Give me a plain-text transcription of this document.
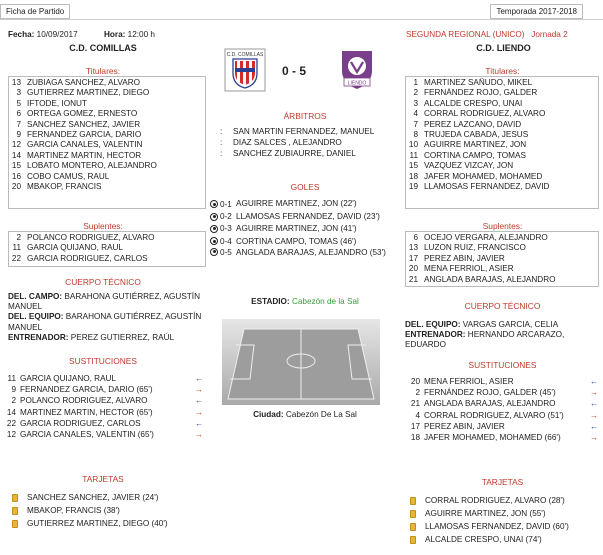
Ficha de Partido	Temporada 2017-2018
Fecha: 10/09/2017	Hora: 12:00 h	SEGUNDA REGIONAL (UNICO) Jornada 2
C.D. COMILLAS	C.D. LIENDO
C.D. COMILLAS
0 - 5
LIENDO
Titulares:
13 ZUBIAGA SANCHEZ, ALVARO
3 GUTIERREZ MARTINEZ, DIEGO
5 IFTODE, IONUT
6 ORTEGA GOMEZ, ERNESTO
7 SANCHEZ SANCHEZ, JAVIER
9 FERNANDEZ GARCIA, DARIO
12 GARCIA CANALES, VALENTIN
14 MARTINEZ MARTIN, HECTOR
15 LOBATO MONTERO, ALEJANDRO
16 COBO CAMUS, RAUL
20 MBAKOP, FRANCIS
Suplentes:
2 POLANCO RODRIGUEZ, ALVARO
11 GARCIA QUIJANO, RAUL
22 GARCIA RODRIGUEZ, CARLOS
CUERPO TÉCNICO

DEL. CAMPO: BARAHONA GUTIÉRREZ, AGUSTÍN MANUEL

DEL. EQUIPO: BARAHONA GUTIÉRREZ, AGUSTÍN MANUEL

ENTRENADOR: PEREZ GUTIERREZ, RAÚL

SUSTITUCIONES
11 GARCIA QUIJANO, RAUL	←
9 FERNANDEZ GARCIA, DARIO (65')	→
2 POLANCO RODRIGUEZ, ALVARO	←
14 MARTINEZ MARTIN, HECTOR (65')	→
22 GARCIA RODRIGUEZ, CARLOS	←
12 GARCIA CANALES, VALENTIN (65')	→
TARJETAS
SANCHEZ SANCHEZ, JAVIER (24')
MBAKOP, FRANCIS (38')
GUTIERREZ MARTINEZ, DIEGO (40')
ÁRBITROS
:	SAN MARTIN FERNANDEZ, MANUEL
:	DIAZ SALCES , ALEJANDRO
:	SANCHEZ ZUBIAURRE, DANIEL
GOLES
0-1 AGUIRRE MARTINEZ, JON (22')
0-2 LLAMOSAS FERNANDEZ, DAVID (23')
0-3 AGUIRRE MARTINEZ, JON (41')
0-4 CORTINA CAMPO, TOMAS (46')
0-5 ANGLADA BARAJAS, ALEJANDRO (53')
ESTADIO: Cabezón de la Sal
Ciudad: Cabezón De La Sal
Titulares:
1 MARTINEZ SAÑUDO, MIKEL
2 FERNÁNDEZ ROJO, GALDER
3 ALCALDE CRESPO, UNAI
4 CORRAL RODRIGUEZ, ALVARO
7 PEREZ LAZCANO, DAVID
8 TRUJEDA CABADA, JESUS
10 AGUIRRE MARTINEZ, JON
11 CORTINA CAMPO, TOMAS
15 VAZQUEZ VIZCAY, JON
18 JAFER MOHAMED, MOHAMED
19 LLAMOSAS FERNANDEZ, DAVID
Suplentes:
6 OCEJO VERGARA, ALEJANDRO
13 LUZON RUIZ, FRANCISCO
17 PEREZ ABIN, JAVIER
20 MENA FERRIOL, ASIER
21 ANGLADA BARAJAS, ALEJANDRO
CUERPO TÉCNICO

DEL. EQUIPO: VARGAS GARCIA, CELIA

ENTRENADOR: HERNANDO ARCARAZO, EDUARDO

SUSTITUCIONES
20 MENA FERRIOL, ASIER	←
2 FERNÁNDEZ ROJO, GALDER (45')	→
21 ANGLADA BARAJAS, ALEJANDRO	←
4 CORRAL RODRIGUEZ, ALVARO (51')	→
17 PEREZ ABIN, JAVIER	←
18 JAFER MOHAMED, MOHAMED (66')	→
TARJETAS
CORRAL RODRIGUEZ, ALVARO (28')
AGUIRRE MARTINEZ, JON (55')
LLAMOSAS FERNANDEZ, DAVID (60')
ALCALDE CRESPO, UNAI (74')
